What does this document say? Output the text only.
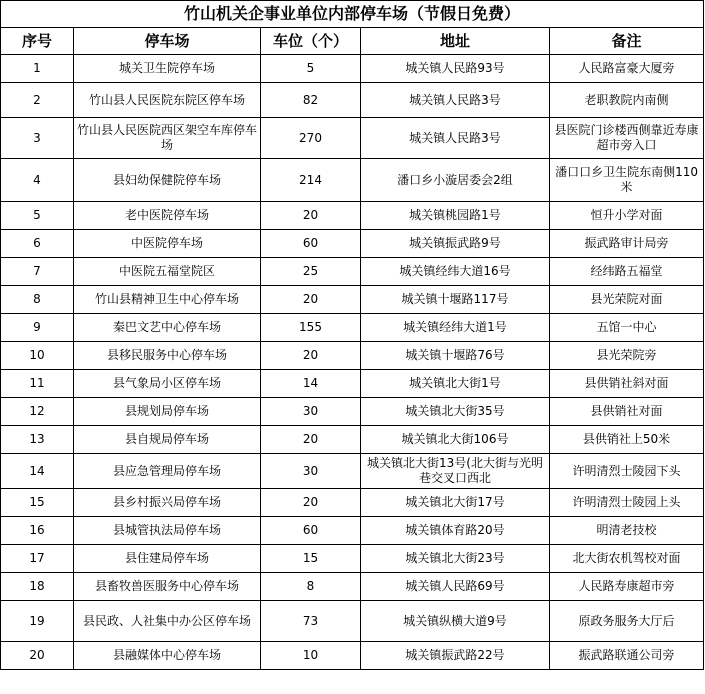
竹山机关企事业单位内部停车场（节假日免费）				
序号	停车场	车位（个）	地址	备注
1	城关卫生院停车场	5	城关镇人民路93号	人民路富豪大厦旁
2	竹山县人民医院东院区停车场	82	城关镇人民路3号	老职教院内南侧
3	竹山县人民医院西区架空车库停车场	270	城关镇人民路3号	县医院门诊楼西侧靠近寿康超市旁入口
4	县妇幼保健院停车场	214	潘口乡小漩居委会2组	潘口口乡卫生院东南侧110米
5	老中医院停车场	20	城关镇桃园路1号	恒升小学对面
6	中医院停车场	60	城关镇振武路9号	振武路审计局旁
7	中医院五福堂院区	25	城关镇经纬大道16号	经纬路五福堂
8	竹山县精神卫生中心停车场	20	城关镇十堰路117号	县光荣院对面
9	秦巴文艺中心停车场	155	城关镇经纬大道1号	五馆一中心
10	县移民服务中心停车场	20	城关镇十堰路76号	县光荣院旁
11	县气象局小区停车场	14	城关镇北大街1号	县供销社斜对面
12	县规划局停车场	30	城关镇北大街35号	县供销社对面
13	县自规局停车场	20	城关镇北大街106号	县供销社上50米
14	县应急管理局停车场	30	城关镇北大街13号(北大街与光明巷交叉口西北	许明清烈士陵园下头
15	县乡村振兴局停车场	20	城关镇北大街17号	许明清烈士陵园上头
16	县城管执法局停车场	60	城关镇体育路20号	明清老技校
17	县住建局停车场	15	城关镇北大街23号	北大街农机驾校对面
18	县畜牧兽医服务中心停车场	8	城关镇人民路69号	人民路寿康超市旁
19	县民政、人社集中办公区停车场	73	城关镇纵横大道9号	原政务服务大厅后
20	县融媒体中心停车场	10	城关镇振武路22号	振武路联通公司旁
